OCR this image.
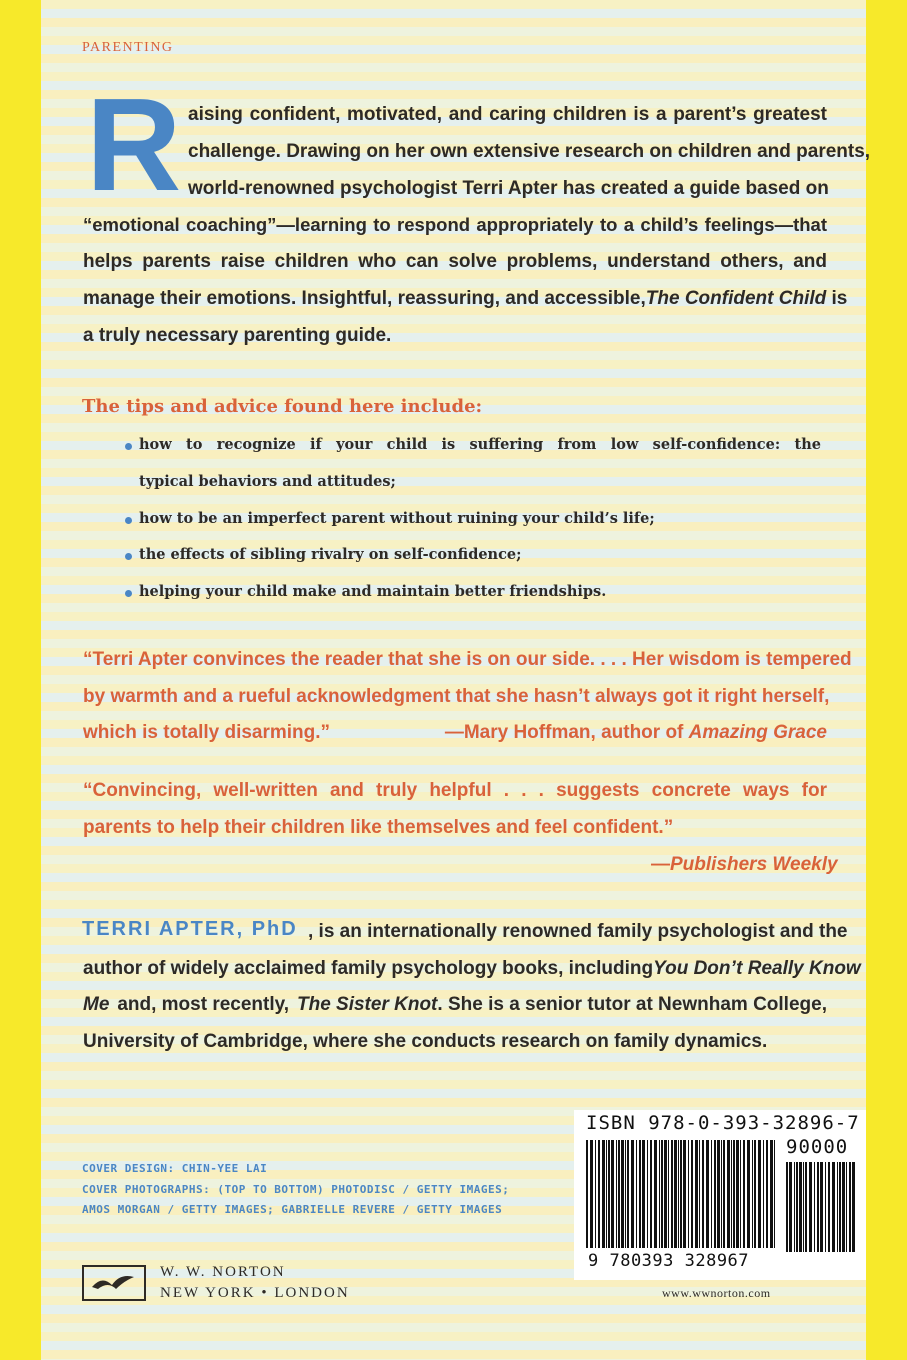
PARENTING
R aising confident, motivated, and caring children is a parent’s greatest
challenge. Drawing on her own extensive research on children and parents,
world-renowned psychologist Terri Apter has created a guide based on
“emotional coaching”—learning to respond appropriately to a child’s feelings—that
helps parents raise children who can solve problems, understand others, and
manage their emotions. Insightful, reassuring, and accessible, The Confident Child is
a truly necessary parenting guide.
The tips and advice found here include:
how to recognize if your child is suffering from low self-confidence: the
typical behaviors and attitudes;
how to be an imperfect parent without ruining your child’s life;
the effects of sibling rivalry on self-confidence;
helping your child make and maintain better friendships.
“Terri Apter convinces the reader that she is on our side. . . . Her wisdom is tempered
by warmth and a rueful acknowledgment that she hasn’t always got it right herself,
which is totally disarming.”	—Mary Hoffman, author of Amazing Grace
“Convincing, well-written and truly helpful . . . suggests concrete ways for
parents to help their children like themselves and feel confident.”
—Publishers Weekly
TERRI APTER, PhD , is an internationally renowned family psychologist and the
author of widely acclaimed family psychology books, including You Don’t Really Know
Me and, most recently, The Sister Knot. She is a senior tutor at Newnham College,
University of Cambridge, where she conducts research on family dynamics.
COVER DESIGN: CHIN-YEE LAI
COVER PHOTOGRAPHS: (TOP TO BOTTOM) PHOTODISC / GETTY IMAGES;
AMOS MORGAN / GETTY IMAGES; GABRIELLE REVERE / GETTY IMAGES
W. W. NORTON
NEW YORK • LONDON
ISBN 978-0-393-32896-7
90000
9 780393 328967
www.wwnorton.com
